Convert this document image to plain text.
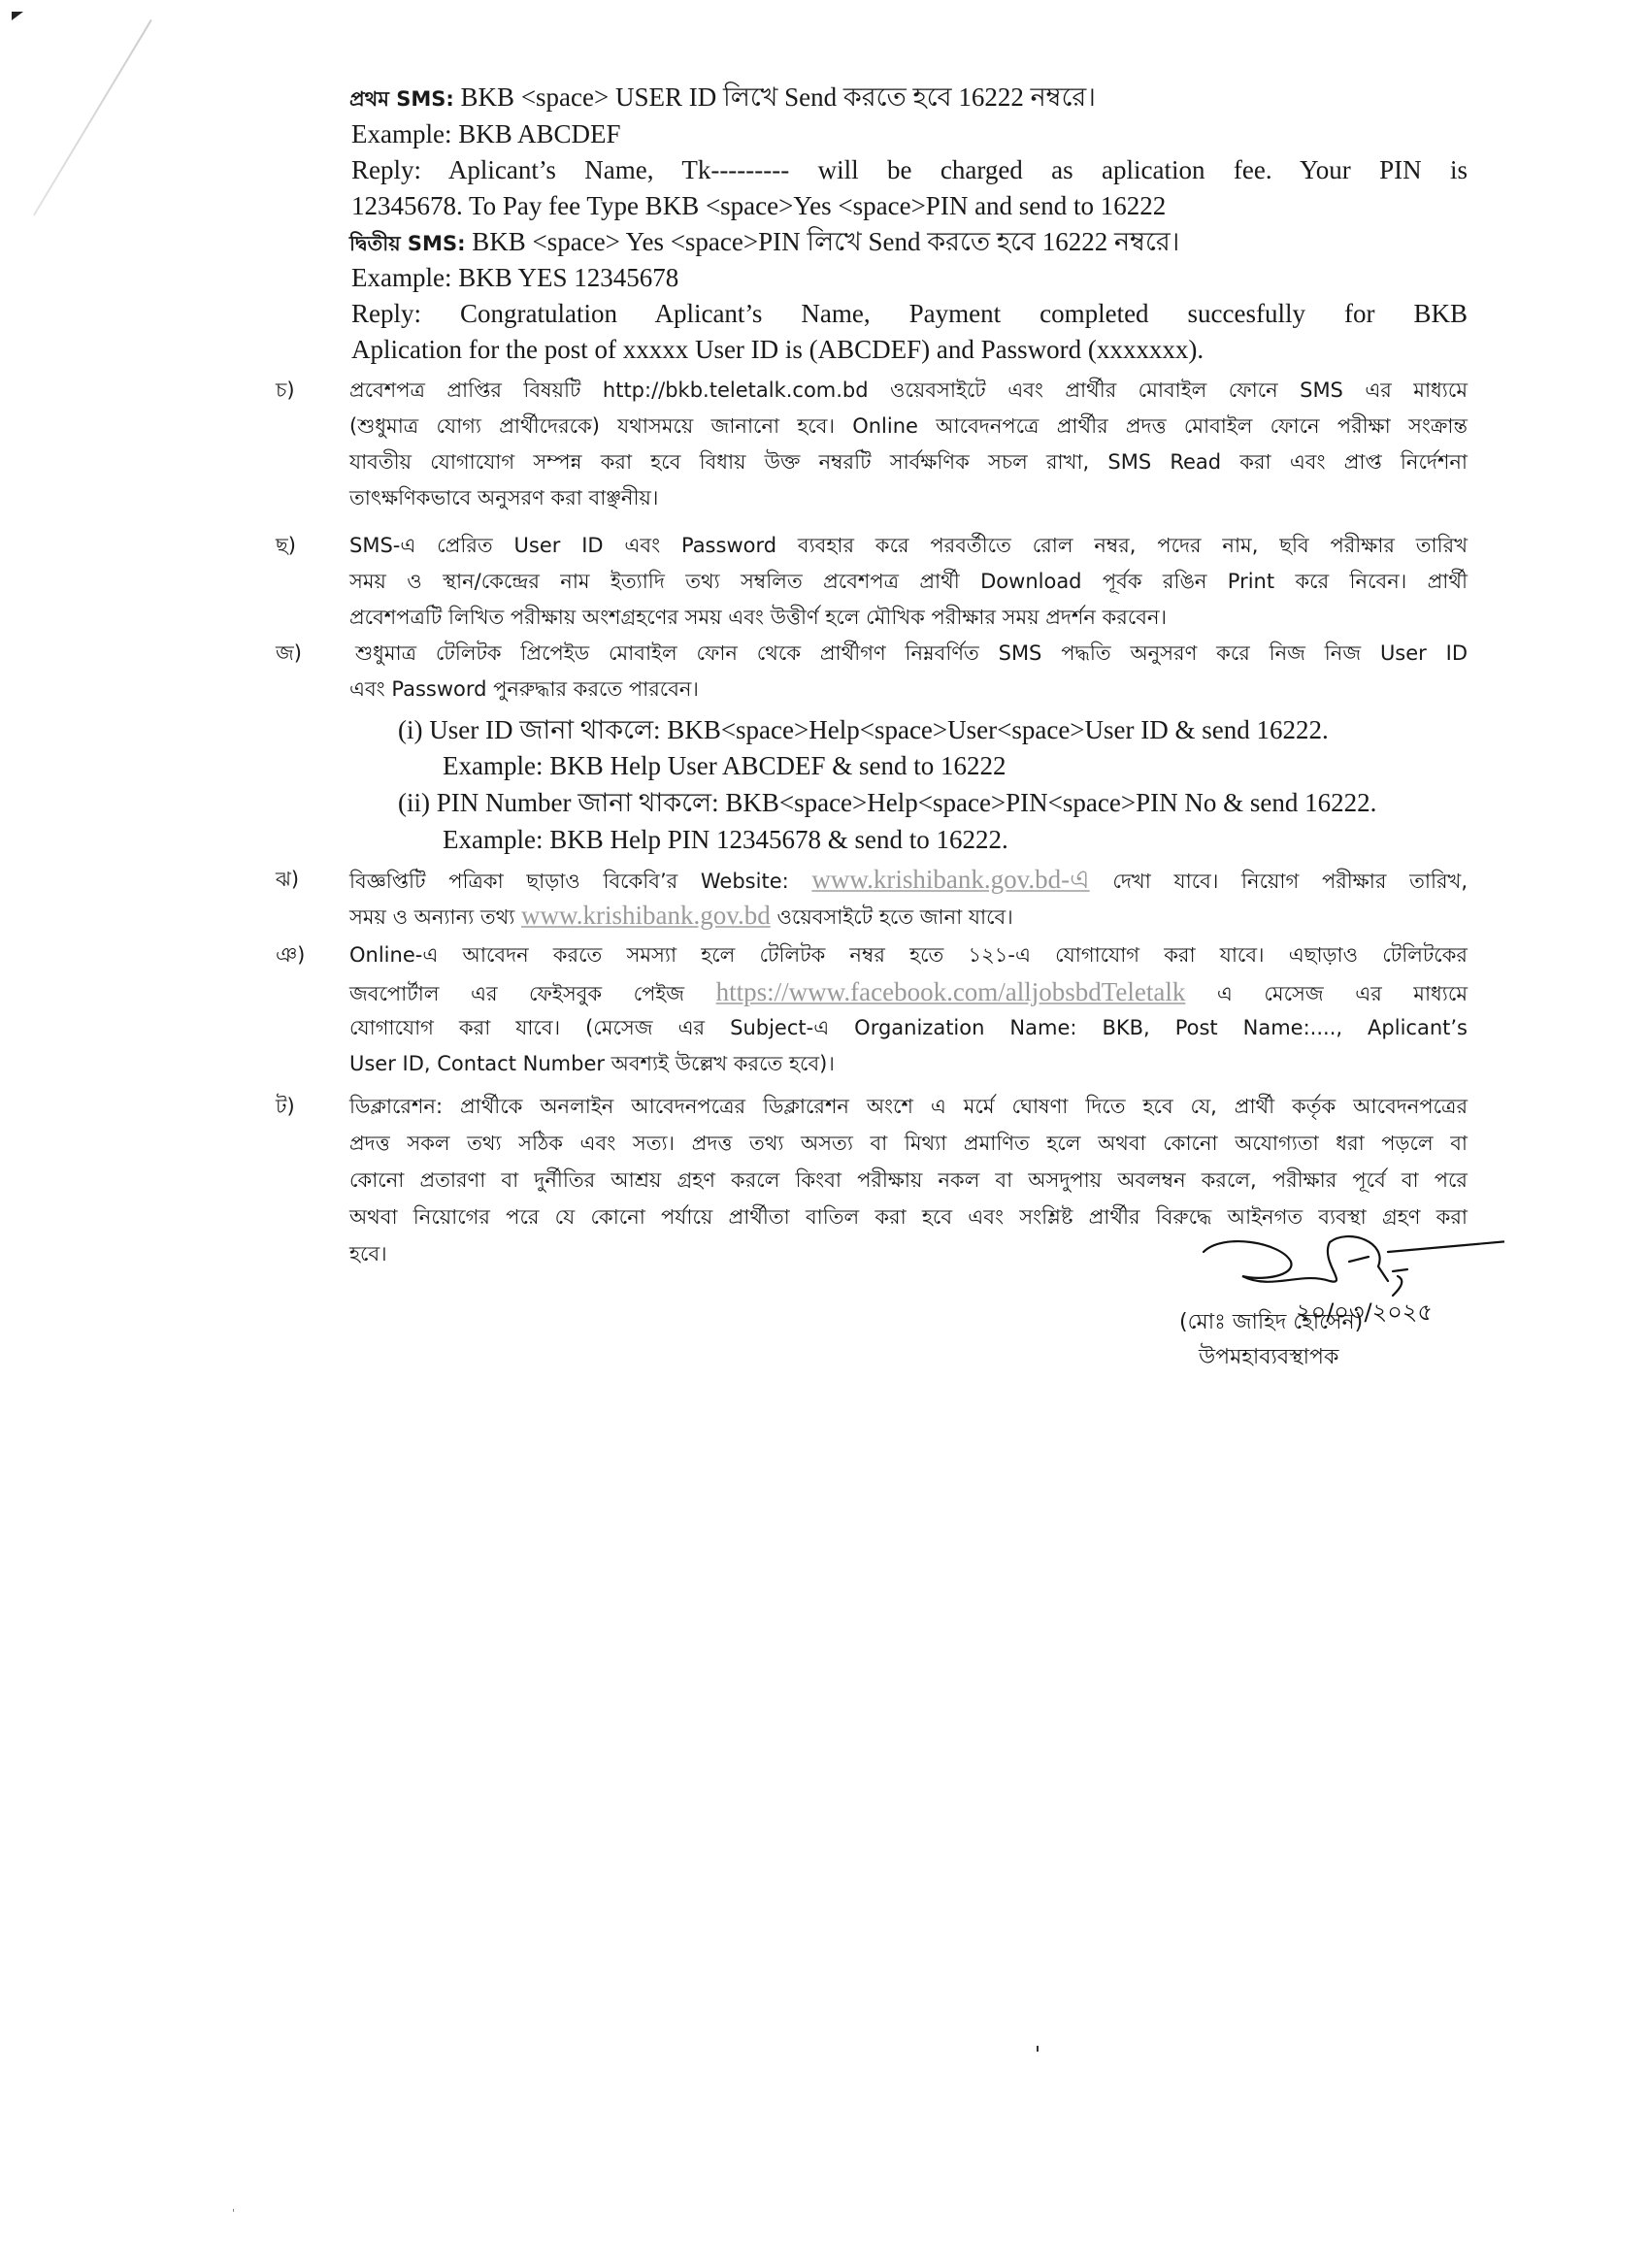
প্রথম SMS: BKB <space> USER ID লিখে Send করতে হবে 16222 নম্বরে।
Example: BKB ABCDEF
Reply: Aplicant’s Name, Tk--------- will be charged as aplication fee. Your PIN is
12345678. To Pay fee Type BKB <space>Yes <space>PIN and send to 16222
দ্বিতীয় SMS: BKB <space> Yes <space>PIN লিখে Send করতে হবে 16222 নম্বরে।
Example: BKB YES 12345678
Reply: Congratulation Aplicant’s Name, Payment completed succesfully for BKB
Aplication for the post of xxxxx User ID is (ABCDEF) and Password (xxxxxxx).
চ)	প্রবেশপত্র প্রাপ্তির বিষয়টি http://bkb.teletalk.com.bd ওয়েবসাইটে এবং প্রার্থীর মোবাইল ফোনে SMS এর মাধ্যমে
(শুধুমাত্র যোগ্য প্রার্থীদেরকে) যথাসময়ে জানানো হবে। Online আবেদনপত্রে প্রার্থীর প্রদত্ত মোবাইল ফোনে পরীক্ষা সংক্রান্ত
যাবতীয় যোগাযোগ সম্পন্ন করা হবে বিধায় উক্ত নম্বরটি সার্বক্ষণিক সচল রাখা, SMS Read করা এবং প্রাপ্ত নির্দেশনা
তাৎক্ষণিকভাবে অনুসরণ করা বাঞ্ছনীয়।
ছ)	SMS-এ প্রেরিত User ID এবং Password ব্যবহার করে পরবর্তীতে রোল নম্বর, পদের নাম, ছবি পরীক্ষার তারিখ
সময় ও স্থান/কেন্দ্রের নাম ইত্যাদি তথ্য সম্বলিত প্রবেশপত্র প্রার্থী Download পূর্বক রঙিন Print করে নিবেন। প্রার্থী
প্রবেশপত্রটি লিখিত পরীক্ষায় অংশগ্রহণের সময় এবং উত্তীর্ণ হলে মৌখিক পরীক্ষার সময় প্রদর্শন করবেন।
জ)	শুধুমাত্র টেলিটক প্রিপেইড মোবাইল ফোন থেকে প্রার্থীগণ নিম্নবর্ণিত SMS পদ্ধতি অনুসরণ করে নিজ নিজ User ID
এবং Password পুনরুদ্ধার করতে পারবেন।
(i) User ID জানা থাকলে: BKB<space>Help<space>User<space>User ID & send 16222.
Example: BKB Help User ABCDEF & send to 16222
(ii) PIN Number জানা থাকলে: BKB<space>Help<space>PIN<space>PIN No & send 16222.
Example: BKB Help PIN 12345678 & send to 16222.
ঝ) বিজ্ঞপ্তিটি পত্রিকা ছাড়াও বিকেবি’র Website: www.krishibank.gov.bd-এ দেখা যাবে। নিয়োগ পরীক্ষার তারিখ,
সময় ও অন্যান্য তথ্য www.krishibank.gov.bd ওয়েবসাইটে হতে জানা যাবে।
ঞ) Online-এ আবেদন করতে সমস্যা হলে টেলিটক নম্বর হতে ১২১-এ যোগাযোগ করা যাবে। এছাড়াও টেলিটকের
জবপোর্টাল এর ফেইসবুক পেইজ https://www.facebook.com/alljobsbdTeletalk এ মেসেজ এর মাধ্যমে
যোগাযোগ করা যাবে। (মেসেজ এর Subject-এ Organization Name: BKB, Post Name:...., Aplicant’s
User ID, Contact Number অবশ্যই উল্লেখ করতে হবে)।
ট)	ডিক্লারেশন: প্রার্থীকে অনলাইন আবেদনপত্রের ডিক্লারেশন অংশে এ মর্মে ঘোষণা দিতে হবে যে, প্রার্থী কর্তৃক আবেদনপত্রের
প্রদত্ত সকল তথ্য সঠিক এবং সত্য। প্রদত্ত তথ্য অসত্য বা মিথ্যা প্রমাণিত হলে অথবা কোনো অযোগ্যতা ধরা পড়লে বা
কোনো প্রতারণা বা দুর্নীতির আশ্রয় গ্রহণ করলে কিংবা পরীক্ষায় নকল বা অসদুপায় অবলম্বন করলে, পরীক্ষার পূর্বে বা পরে
অথবা নিয়োগের পরে যে কোনো পর্যায়ে প্রার্থীতা বাতিল করা হবে এবং সংশ্লিষ্ট প্রার্থীর বিরুদ্ধে আইনগত ব্যবস্থা গ্রহণ করা
হবে।
২০/০৩/২০২৫
(মোঃ জাহিদ হোসেন)
উপমহাব্যবস্থাপক
